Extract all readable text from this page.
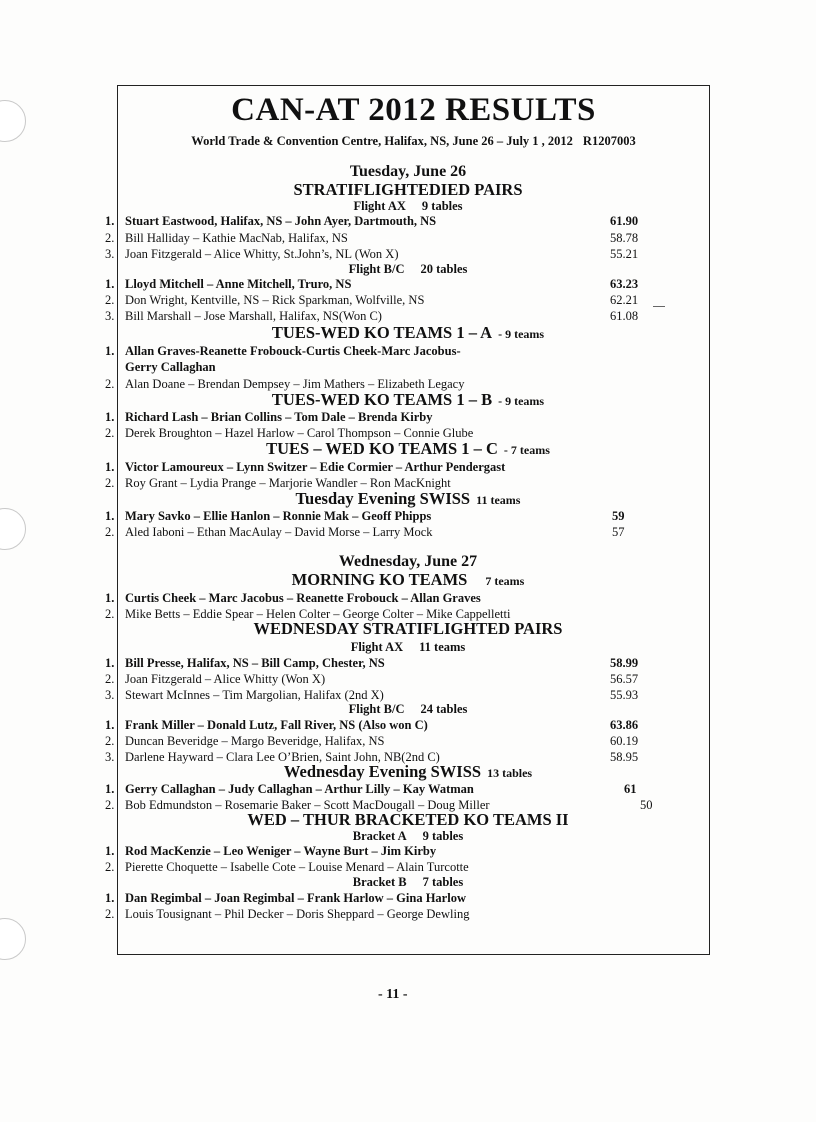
CAN-AT 2012 RESULTS
World Trade & Convention Centre, Halifax, NS, June 26 – July 1 , 2012 R1207003
Tuesday, June 26
STRATIFLIGHTEDIED PAIRS
Flight AX 9 tables
1. Stuart Eastwood, Halifax, NS – John Ayer, Dartmouth, NS	61.90
2. Bill Halliday – Kathie MacNab, Halifax, NS	58.78
3. Joan Fitzgerald – Alice Whitty, St.John’s, NL (Won X)	55.21
Flight B/C 20 tables
1. Lloyd Mitchell – Anne Mitchell, Truro, NS	63.23
2. Don Wright, Kentville, NS – Rick Sparkman, Wolfville, NS	62.21
3. Bill Marshall – Jose Marshall, Halifax, NS(Won C)	61.08
TUES-WED KO TEAMS 1 – A - 9 teams
1. Allan Graves-Reanette Frobouck-Curtis Cheek-Marc Jacobus-
Gerry Callaghan
2. Alan Doane – Brendan Dempsey – Jim Mathers – Elizabeth Legacy
TUES-WED KO TEAMS 1 – B - 9 teams
1. Richard Lash – Brian Collins – Tom Dale – Brenda Kirby
2. Derek Broughton – Hazel Harlow – Carol Thompson – Connie Glube
TUES – WED KO TEAMS 1 – C - 7 teams
1. Victor Lamoureux – Lynn Switzer – Edie Cormier – Arthur Pendergast
2. Roy Grant – Lydia Prange – Marjorie Wandler – Ron MacKnight
Tuesday Evening SWISS 11 teams
1. Mary Savko – Ellie Hanlon – Ronnie Mak – Geoff Phipps	59
2. Aled Iaboni – Ethan MacAulay – David Morse – Larry Mock	57
Wednesday, June 27
MORNING KO TEAMS 7 teams
1. Curtis Cheek – Marc Jacobus – Reanette Frobouck – Allan Graves
2. Mike Betts – Eddie Spear – Helen Colter – George Colter – Mike Cappelletti
WEDNESDAY STRATIFLIGHTED PAIRS
Flight AX 11 teams
1. Bill Presse, Halifax, NS – Bill Camp, Chester, NS	58.99
2. Joan Fitzgerald – Alice Whitty (Won X)	56.57
3. Stewart McInnes – Tim Margolian, Halifax (2nd X)	55.93
Flight B/C 24 tables
1. Frank Miller – Donald Lutz, Fall River, NS (Also won C)	63.86
2. Duncan Beveridge – Margo Beveridge, Halifax, NS	60.19
3. Darlene Hayward – Clara Lee O’Brien, Saint John, NB(2nd C)	58.95
Wednesday Evening SWISS 13 tables
1. Gerry Callaghan – Judy Callaghan – Arthur Lilly – Kay Watman	61
2. Bob Edmundston – Rosemarie Baker – Scott MacDougall – Doug Miller	50
WED – THUR BRACKETED KO TEAMS II
Bracket A 9 tables
1. Rod MacKenzie – Leo Weniger – Wayne Burt – Jim Kirby
2. Pierette Choquette – Isabelle Cote – Louise Menard – Alain Turcotte
Bracket B 7 tables
1. Dan Regimbal – Joan Regimbal – Frank Harlow – Gina Harlow
2. Louis Tousignant – Phil Decker – Doris Sheppard – George Dewling
- 11 -
